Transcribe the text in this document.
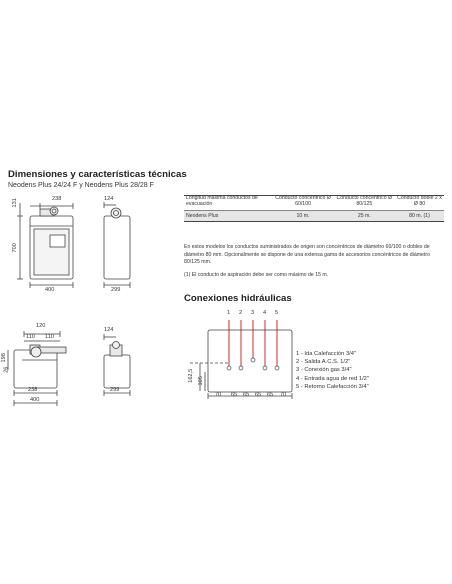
Dimensiones y características técnicas
Neodens Plus 24/24 F y Neodens Plus 28/28 F
238
131
700
400
124
299
120
110 110
198
26
238
400
124
299
Longitud máxima conductos de evacuación	Conducto concéntrico Ø 60/100	Conducto concéntrico Ø 80/125	Conducto doble 2 x Ø 80
Neodens Plus	10 m.	25 m.	80 m. (1)
En estos modelos los conductos suministrados de origen son concéntricos de diámetro 60/100 o dobles de diámetro 80 mm. Opcionalmente se dispone de una extensa gama de accesorios concéntricos de diámetro 80/125 mm.
(1) El conducto de aspiración debe ser como máximo de 15 m.
Conexiones hidráulicas
1 2 3 4 5
162,5 105
70 65 65 65 65 70
1 - Ida Calefacción 3/4"
2 - Salida A.C.S. 1/2"
3 - Conexión gas 3/4"
4 - Entrada agua de red 1/2"
5 - Retorno Calefacción 3/4"
